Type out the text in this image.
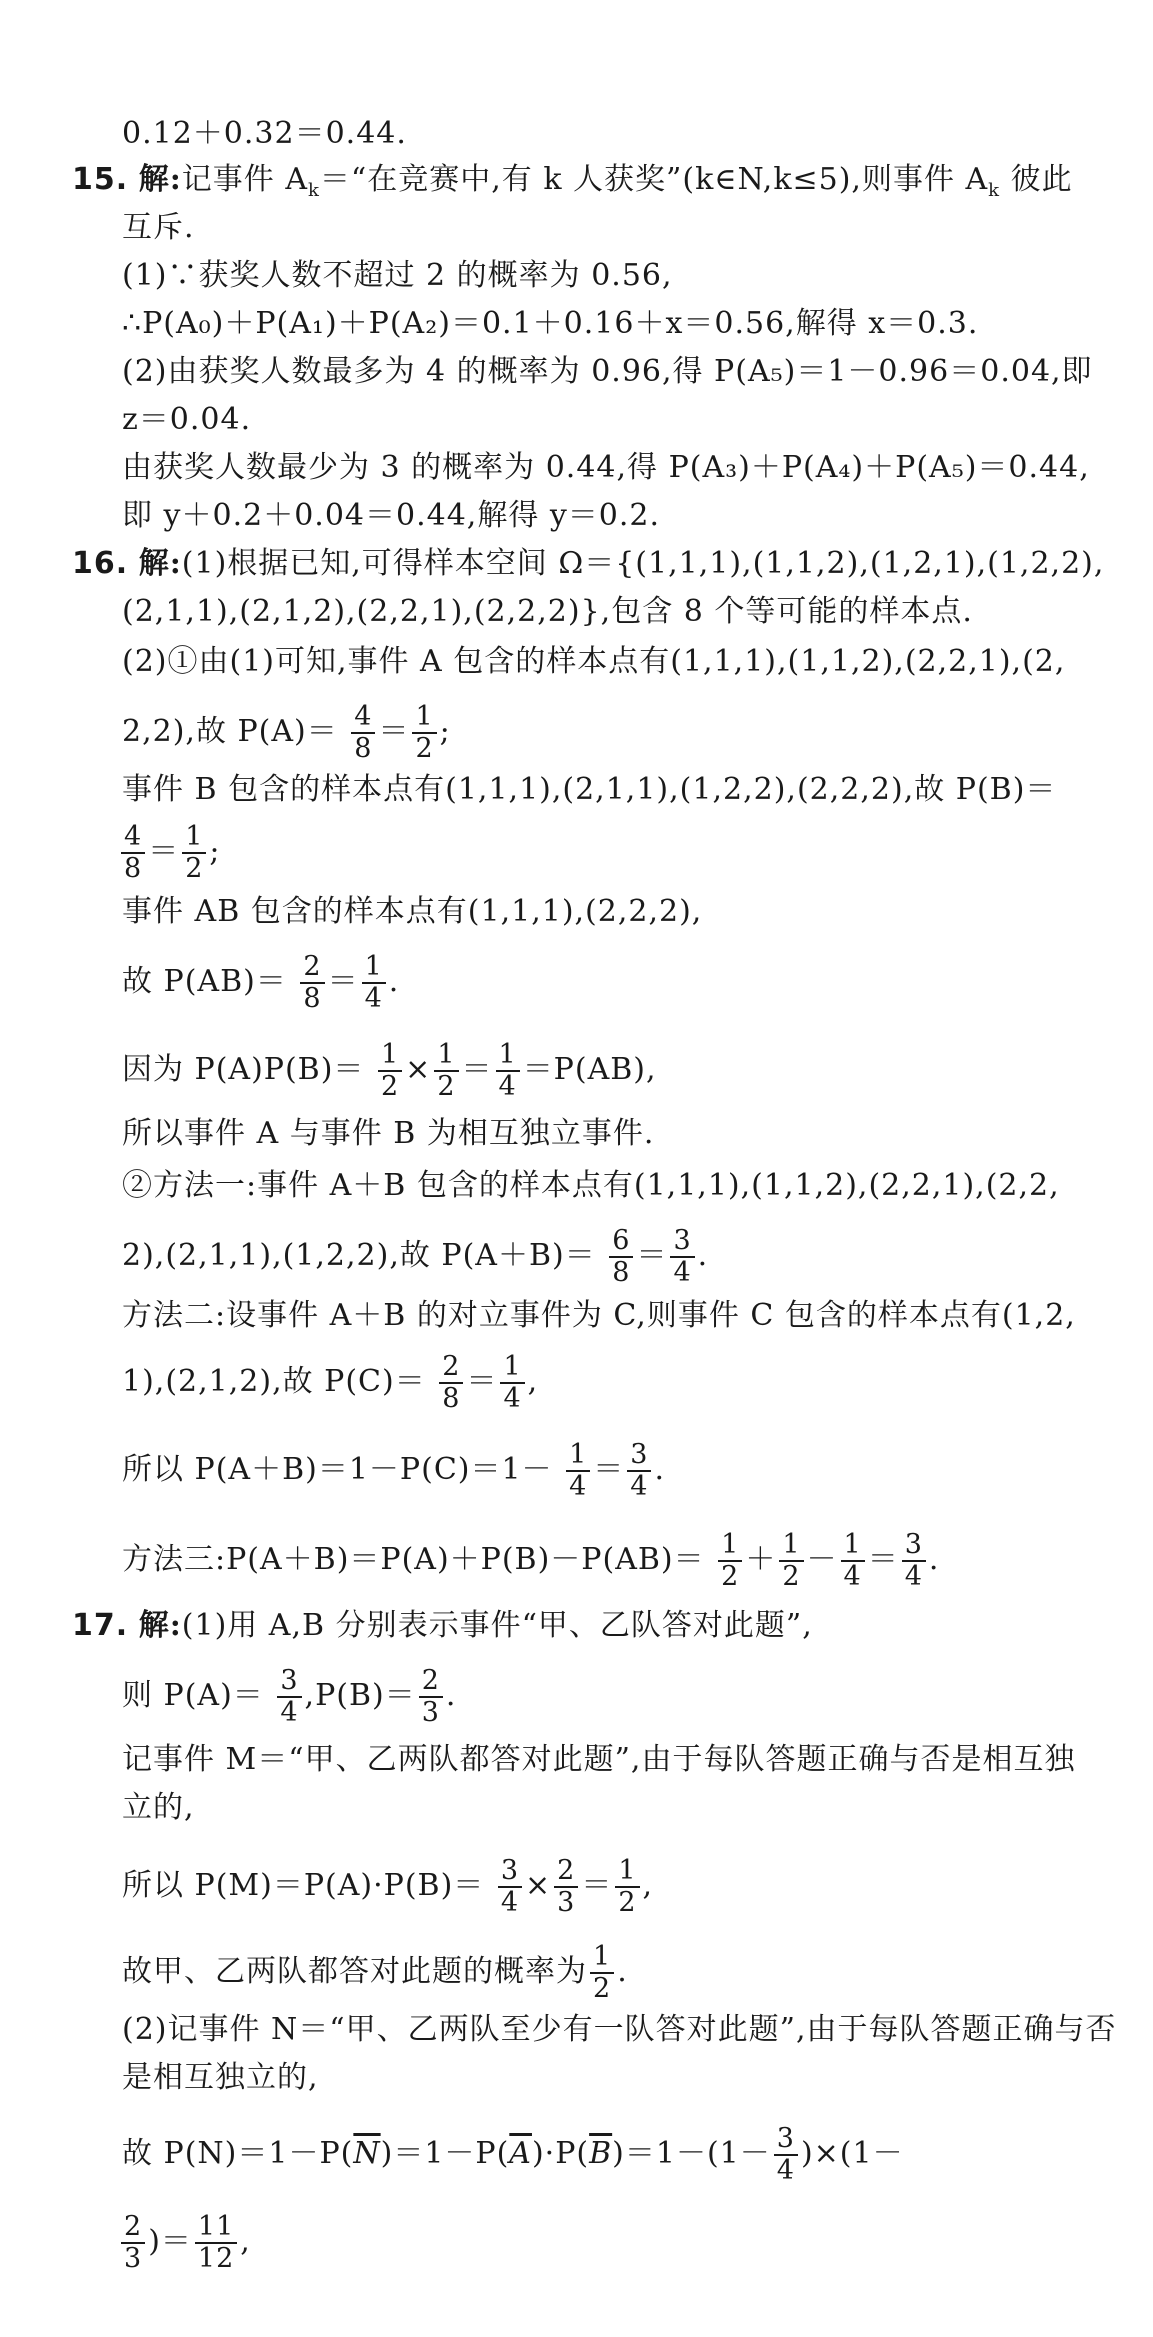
0.12＋0.32＝0.44.
15. 解:记事件 $A_k=“$在竞赛中,有 k 人获奖”(k∈N,k≤5),则事件 $A_k$ 彼此
互斥.
(1)∵获奖人数不超过 2 的概率为 0.56,
∴P(A₀)＋P(A₁)＋P(A₂)＝0.1＋0.16＋x＝0.56,解得 x＝0.3.
(2)由获奖人数最多为 4 的概率为 0.96,得 P(A₅)＝1－0.96＝0.04,即
z＝0.04.
由获奖人数最少为 3 的概率为 0.44,得 P(A₃)＋P(A₄)＋P(A₅)＝0.44,
即 y＋0.2＋0.04＝0.44,解得 y＝0.2.
16. 解:(1)根据已知,可得样本空间 Ω＝{(1,1,1),(1,1,2),(1,2,1),(1,2,2),
(2,1,1),(2,1,2),(2,2,1),(2,2,2)},包含 8 个等可能的样本点.
(2)①由(1)可知,事件 A 包含的样本点有(1,1,1),(1,1,2),(2,2,1),(2,
2,2),故 $P(A)= \frac{4}{8} = \frac{1}{2}$ ;
事件 B 包含的样本点有(1,1,1),(2,1,1),(1,2,2),(2,2,2),故 P(B)＝
$\frac{4}{8} = \frac{1}{2}$ ;
事件 AB 包含的样本点有(1,1,1),(2,2,2),
故 $P(AB)= \frac{2}{8} = \frac{1}{4}$ .
因为 $P(A)P(B)= \frac{1}{2} \times \frac{1}{2} = \frac{1}{4} =P(AB)$,
所以事件 A 与事件 B 为相互独立事件.
②方法一:事件 A＋B 包含的样本点有(1,1,1),(1,1,2),(2,2,1),(2,2,
2),(2,1,1),(1,2,2),故 $P(A+B)= \frac{6}{8} = \frac{3}{4}$ .
方法二:设事件 A＋B 的对立事件为 C,则事件 C 包含的样本点有(1,2,
1),(2,1,2),故 $P(C)= \frac{2}{8} = \frac{1}{4}$ ,
所以 $P(A+B)=1-P(C)=1- \frac{1}{4} = \frac{3}{4}$ .
方法三:P(A＋B)＝P(A)＋P(B)－P(AB)＝ $\frac{1}{2} + \frac{1}{2} - \frac{1}{4} = \frac{3}{4}$ .
17. 解:(1)用 A,B 分别表示事件“甲、乙队答对此题”,
则 $P(A)= \frac{3}{4} ,P(B)= \frac{2}{3}$ .
记事件 M＝“甲、乙两队都答对此题”,由于每队答题正确与否是相互独
立的,
所以 $P(M)=P(A)\cdot P(B)= \frac{3}{4} \times \frac{2}{3} = \frac{1}{2}$ ,
故甲、乙两队都答对此题的概率为 $\frac{1}{2}$ .
(2)记事件 N＝“甲、乙两队至少有一队答对此题”,由于每队答题正确与否
是相互独立的,
故 $P(N)=1-P(\overline{N})=1-P(\overline{A})\cdot P(\overline{B})=1-(1- \frac{3}{4} )\times(1-$
$\frac{2}{3}$ )＝ $\frac{11}{12}$ ,
